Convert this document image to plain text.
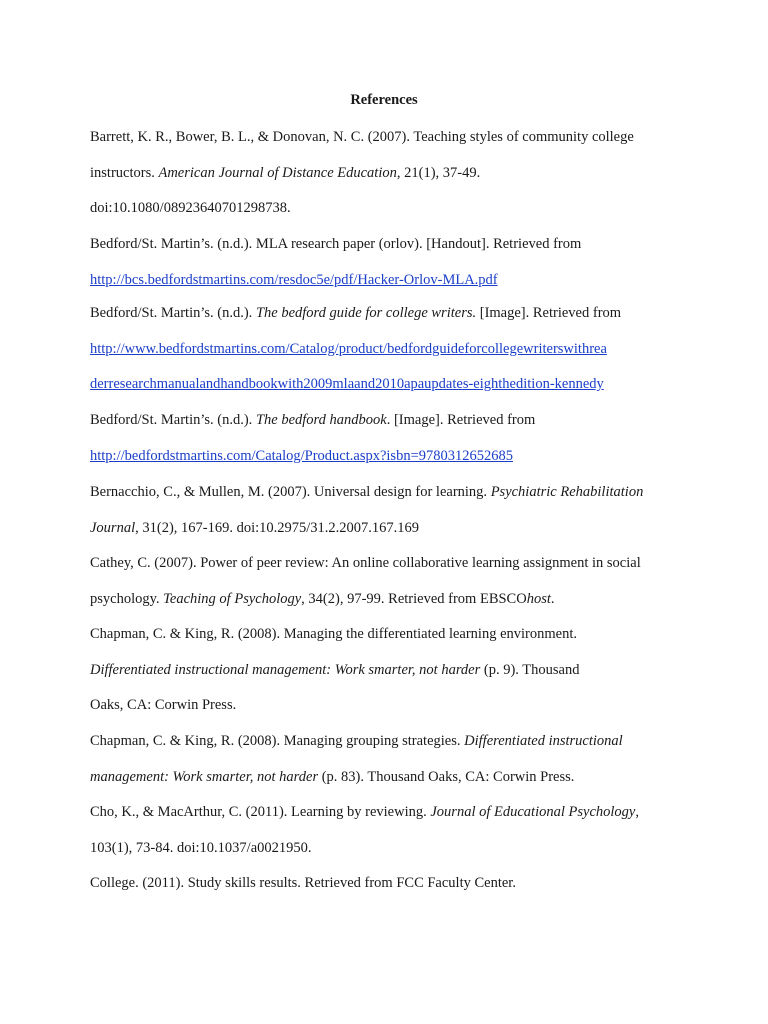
References
Barrett, K. R., Bower, B. L., & Donovan, N. C. (2007). Teaching styles of community college
instructors. American Journal of Distance Education, 21(1), 37-49.
doi:10.1080/08923640701298738.
Bedford/St. Martin’s. (n.d.). MLA research paper (orlov). [Handout]. Retrieved from
http://bcs.bedfordstmartins.com/resdoc5e/pdf/Hacker-Orlov-MLA.pdf
Bedford/St. Martin’s. (n.d.). The bedford guide for college writers. [Image]. Retrieved from
http://www.bedfordstmartins.com/Catalog/product/bedfordguideforcollegewriterswithrea
derresearchmanualandhandbookwith2009mlaand2010apaupdates-eighthedition-kennedy
Bedford/St. Martin’s. (n.d.). The bedford handbook. [Image]. Retrieved from
http://bedfordstmartins.com/Catalog/Product.aspx?isbn=9780312652685
Bernacchio, C., & Mullen, M. (2007). Universal design for learning. Psychiatric Rehabilitation
Journal, 31(2), 167-169. doi:10.2975/31.2.2007.167.169
Cathey, C. (2007). Power of peer review: An online collaborative learning assignment in social
psychology. Teaching of Psychology, 34(2), 97-99. Retrieved from EBSCOhost.
Chapman, C. & King, R. (2008). Managing the differentiated learning environment.
Differentiated instructional management: Work smarter, not harder (p. 9). Thousand
Oaks, CA: Corwin Press.
Chapman, C. & King, R. (2008). Managing grouping strategies. Differentiated instructional
management: Work smarter, not harder (p. 83). Thousand Oaks, CA: Corwin Press.
Cho, K., & MacArthur, C. (2011). Learning by reviewing. Journal of Educational Psychology,
103(1), 73-84. doi:10.1037/a0021950.
College. (2011). Study skills results. Retrieved from FCC Faculty Center.
